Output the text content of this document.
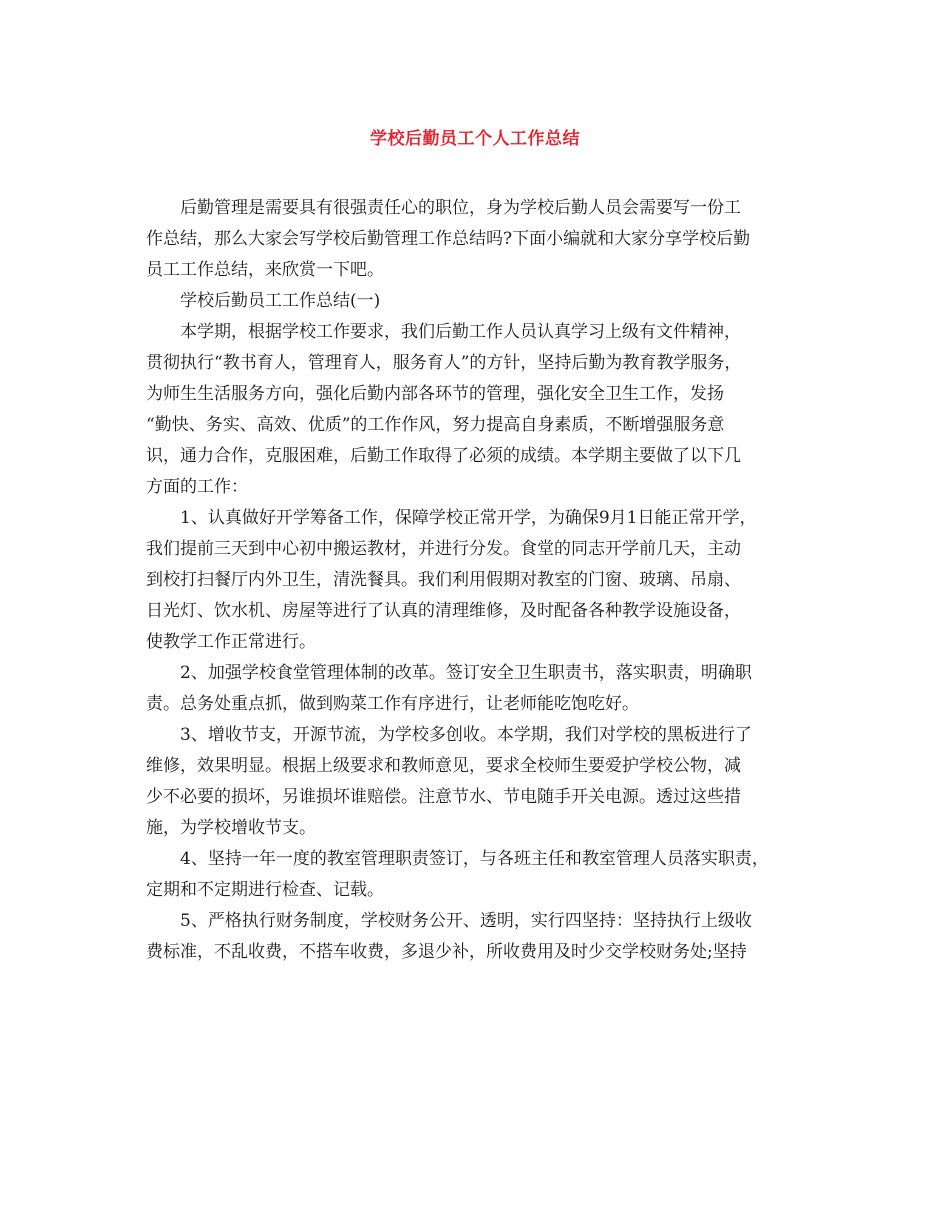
学校后勤员工个人工作总结
后勤管理是需要具有很强责任心的职位，身为学校后勤人员会需要写一份工
作总结，那么大家会写学校后勤管理工作总结吗?下面小编就和大家分享学校后勤
员工工作总结，来欣赏一下吧。
学校后勤员工工作总结(一)
本学期，根据学校工作要求，我们后勤工作人员认真学习上级有文件精神，
贯彻执行“教书育人，管理育人，服务育人”的方针，坚持后勤为教育教学服务，
为师生生活服务方向，强化后勤内部各环节的管理，强化安全卫生工作，发扬
“勤快、务实、高效、优质”的工作作风，努力提高自身素质，不断增强服务意
识，通力合作，克服困难，后勤工作取得了必须的成绩。本学期主要做了以下几
方面的工作：
1、认真做好开学筹备工作，保障学校正常开学，为确保9月1日能正常开学，
我们提前三天到中心初中搬运教材，并进行分发。食堂的同志开学前几天，主动
到校打扫餐厅内外卫生，清洗餐具。我们利用假期对教室的门窗、玻璃、吊扇、
日光灯、饮水机、房屋等进行了认真的清理维修，及时配备各种教学设施设备，
使教学工作正常进行。
2、加强学校食堂管理体制的改革。签订安全卫生职责书，落实职责，明确职
责。总务处重点抓，做到购菜工作有序进行，让老师能吃饱吃好。
3、增收节支，开源节流，为学校多创收。本学期，我们对学校的黑板进行了
维修，效果明显。根据上级要求和教师意见，要求全校师生要爱护学校公物，减
少不必要的损坏，另谁损坏谁赔偿。注意节水、节电随手开关电源。透过这些措
施，为学校增收节支。
4、坚持一年一度的教室管理职责签订，与各班主任和教室管理人员落实职责，
定期和不定期进行检查、记载。
5、严格执行财务制度，学校财务公开、透明，实行四坚持：坚持执行上级收
费标准，不乱收费，不搭车收费，多退少补，所收费用及时少交学校财务处;坚持
